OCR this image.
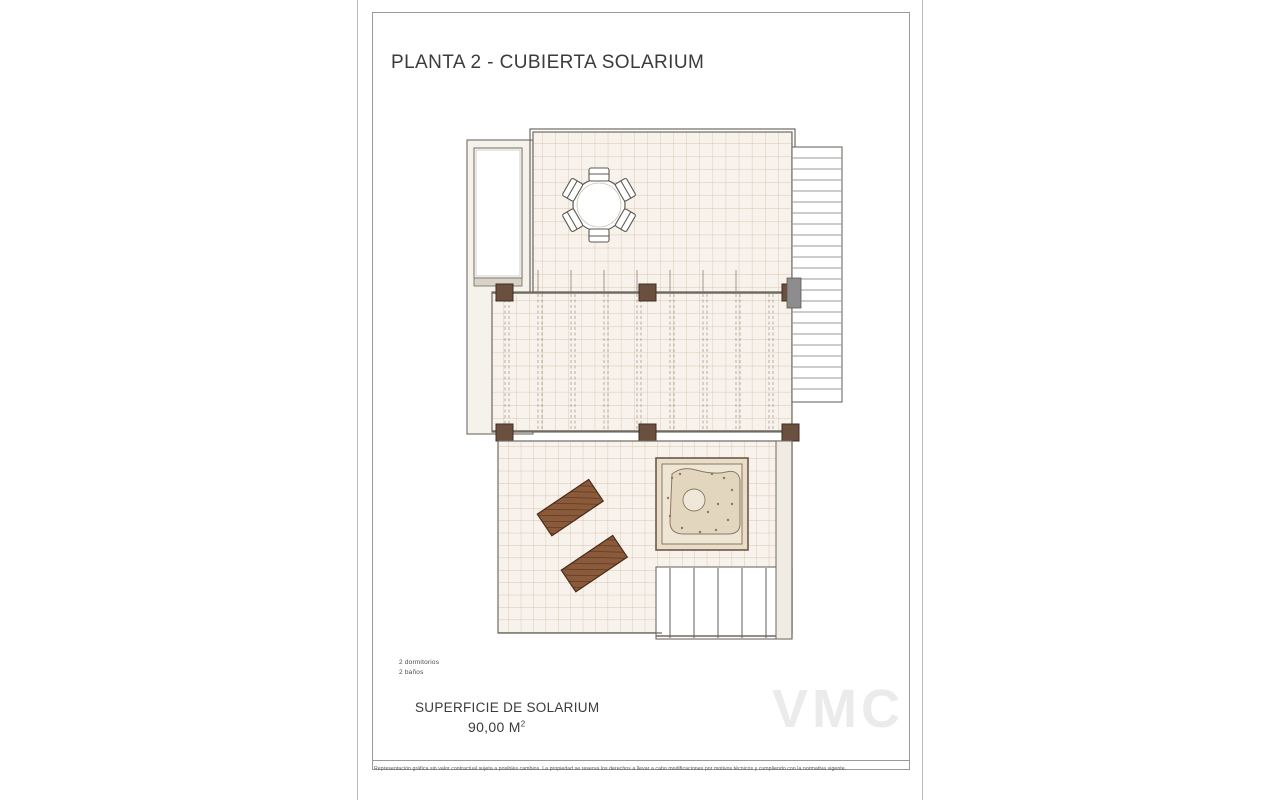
PLANTA 2 - CUBIERTA SOLARIUM
2 dormitorios
2 baños
SUPERFICIE DE SOLARIUM
90,00 $M^2$
Representación gráfica sin valor contractual sujeta a posibles cambios. La propiedad se reserva los derechos a llevar a cabo modificaciones por motivos técnicos y cumpliendo con la normativa vigente.
VMC
